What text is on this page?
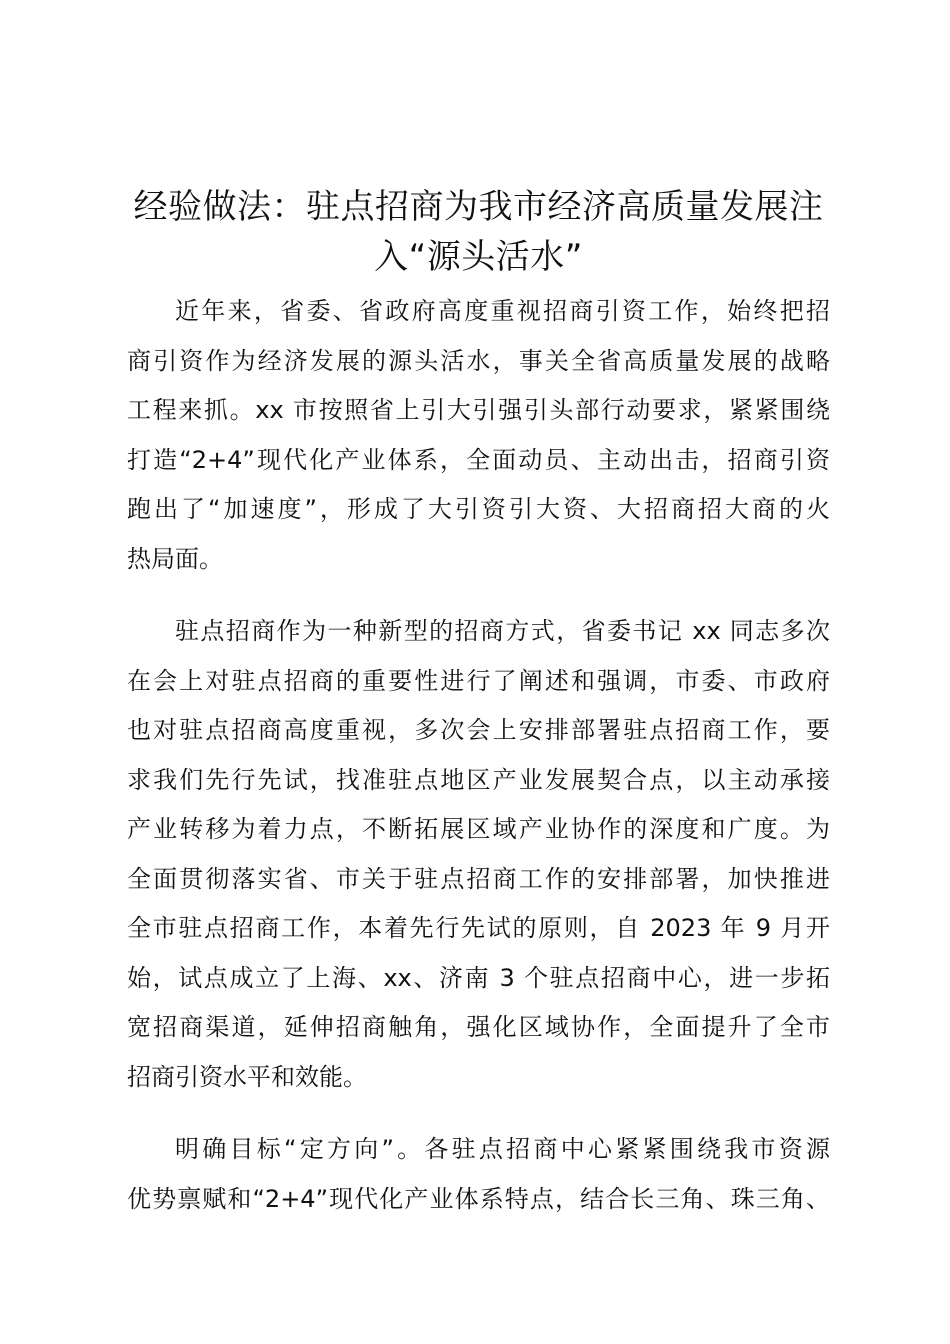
经验做法：驻点招商为我市经济高质量发展注
入“源头活水”

近年来，省委、省政府高度重视招商引资工作，始终把招
商引资作为经济发展的源头活水，事关全省高质量发展的战略
工程来抓。xx 市按照省上引大引强引头部行动要求，紧紧围绕
打造“2+4”现代化产业体系，全面动员、主动出击，招商引资
跑出了“加速度”，形成了大引资引大资、大招商招大商的火
热局面。

驻点招商作为一种新型的招商方式，省委书记 xx 同志多次
在会上对驻点招商的重要性进行了阐述和强调，市委、市政府
也对驻点招商高度重视，多次会上安排部署驻点招商工作，要
求我们先行先试，找准驻点地区产业发展契合点，以主动承接
产业转移为着力点，不断拓展区域产业协作的深度和广度。为
全面贯彻落实省、市关于驻点招商工作的安排部署，加快推进
全市驻点招商工作，本着先行先试的原则，自 2023 年 9 月开
始，试点成立了上海、xx、济南 3 个驻点招商中心，进一步拓
宽招商渠道，延伸招商触角，强化区域协作，全面提升了全市
招商引资水平和效能。

明确目标“定方向”。各驻点招商中心紧紧围绕我市资源
优势禀赋和“2+4”现代化产业体系特点，结合长三角、珠三角、
